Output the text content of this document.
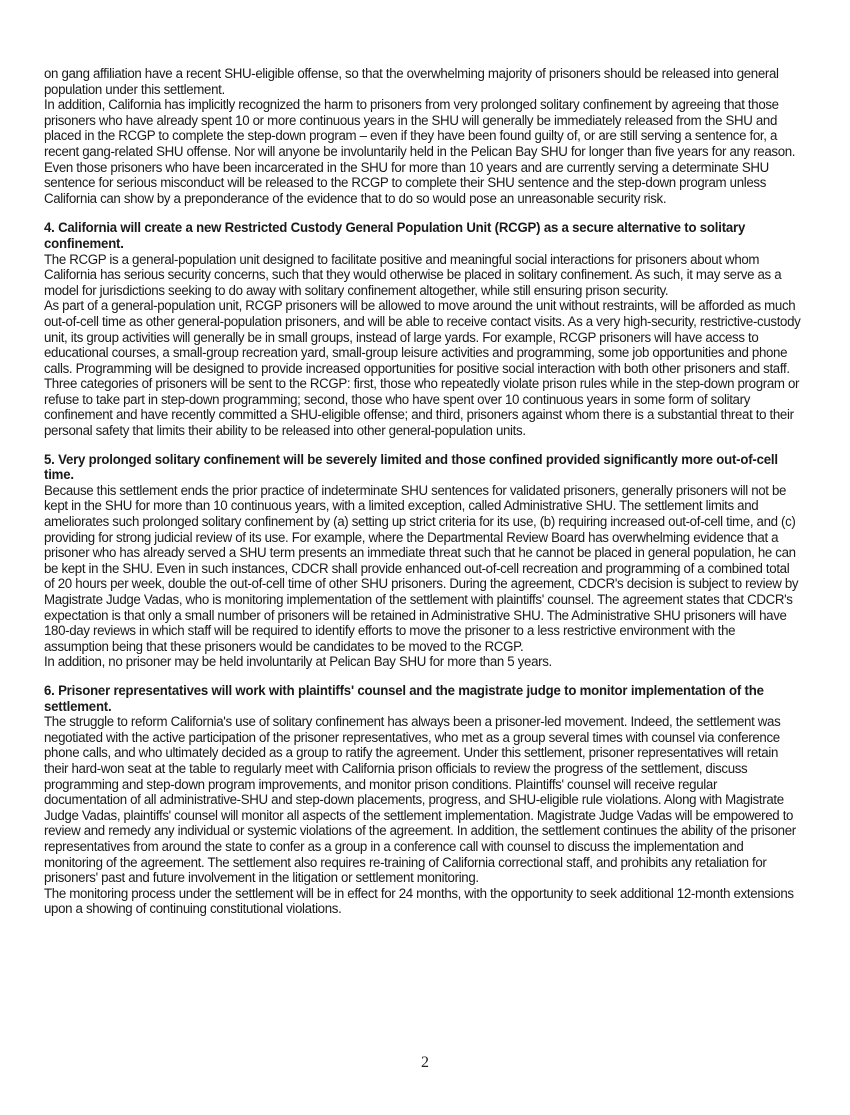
on gang affiliation have a recent SHU-eligible offense, so that the overwhelming majority of prisoners should be released into general population under this settlement.

In addition, California has implicitly recognized the harm to prisoners from very prolonged solitary confinement by agreeing that those prisoners who have already spent 10 or more continuous years in the SHU will generally be immediately released from the SHU and placed in the RCGP to complete the step-down program – even if they have been found guilty of, or are still serving a sentence for, a recent gang-related SHU offense. Nor will anyone be involuntarily held in the Pelican Bay SHU for longer than five years for any reason. Even those prisoners who have been incarcerated in the SHU for more than 10 years and are currently serving a determinate SHU sentence for serious misconduct will be released to the RCGP to complete their SHU sentence and the step-down program unless California can show by a preponderance of the evidence that to do so would pose an unreasonable security risk.

4. California will create a new Restricted Custody General Population Unit (RCGP) as a secure alternative to solitary confinement.

The RCGP is a general-population unit designed to facilitate positive and meaningful social interactions for prisoners about whom California has serious security concerns, such that they would otherwise be placed in solitary confinement. As such, it may serve as a model for jurisdictions seeking to do away with solitary confinement altogether, while still ensuring prison security.

As part of a general-population unit, RCGP prisoners will be allowed to move around the unit without restraints, will be afforded as much out-of-cell time as other general-population prisoners, and will be able to receive contact visits. As a very high-security, restrictive-custody unit, its group activities will generally be in small groups, instead of large yards. For example, RCGP prisoners will have access to educational courses, a small-group recreation yard, small-group leisure activities and programming, some job opportunities and phone calls. Programming will be designed to provide increased opportunities for positive social interaction with both other prisoners and staff.

Three categories of prisoners will be sent to the RCGP: first, those who repeatedly violate prison rules while in the step-down program or refuse to take part in step-down programming; second, those who have spent over 10 continuous years in some form of solitary confinement and have recently committed a SHU-eligible offense; and third, prisoners against whom there is a substantial threat to their personal safety that limits their ability to be released into other general-population units.

5. Very prolonged solitary confinement will be severely limited and those confined provided significantly more out-of-cell time.

Because this settlement ends the prior practice of indeterminate SHU sentences for validated prisoners, generally prisoners will not be kept in the SHU for more than 10 continuous years, with a limited exception, called Administrative SHU. The settlement limits and ameliorates such prolonged solitary confinement by (a) setting up strict criteria for its use, (b) requiring increased out-of-cell time, and (c) providing for strong judicial review of its use. For example, where the Departmental Review Board has overwhelming evidence that a prisoner who has already served a SHU term presents an immediate threat such that he cannot be placed in general population, he can be kept in the SHU. Even in such instances, CDCR shall provide enhanced out-of-cell recreation and programming of a combined total of 20 hours per week, double the out-of-cell time of other SHU prisoners. During the agreement, CDCR's decision is subject to review by Magistrate Judge Vadas, who is monitoring implementation of the settlement with plaintiffs' counsel. The agreement states that CDCR's expectation is that only a small number of prisoners will be retained in Administrative SHU. The Administrative SHU prisoners will have 180-day reviews in which staff will be required to identify efforts to move the prisoner to a less restrictive environment with the assumption being that these prisoners would be candidates to be moved to the RCGP.

In addition, no prisoner may be held involuntarily at Pelican Bay SHU for more than 5 years.

6. Prisoner representatives will work with plaintiffs' counsel and the magistrate judge to monitor implementation of the settlement.

The struggle to reform California's use of solitary confinement has always been a prisoner-led movement. Indeed, the settlement was negotiated with the active participation of the prisoner representatives, who met as a group several times with counsel via conference phone calls, and who ultimately decided as a group to ratify the agreement. Under this settlement, prisoner representatives will retain their hard-won seat at the table to regularly meet with California prison officials to review the progress of the settlement, discuss programming and step-down program improvements, and monitor prison conditions. Plaintiffs' counsel will receive regular documentation of all administrative-SHU and step-down placements, progress, and SHU-eligible rule violations. Along with Magistrate Judge Vadas, plaintiffs' counsel will monitor all aspects of the settlement implementation. Magistrate Judge Vadas will be empowered to review and remedy any individual or systemic violations of the agreement. In addition, the settlement continues the ability of the prisoner representatives from around the state to confer as a group in a conference call with counsel to discuss the implementation and monitoring of the agreement. The settlement also requires re-training of California correctional staff, and prohibits any retaliation for prisoners' past and future involvement in the litigation or settlement monitoring.

The monitoring process under the settlement will be in effect for 24 months, with the opportunity to seek additional 12-month extensions upon a showing of continuing constitutional violations.

2
